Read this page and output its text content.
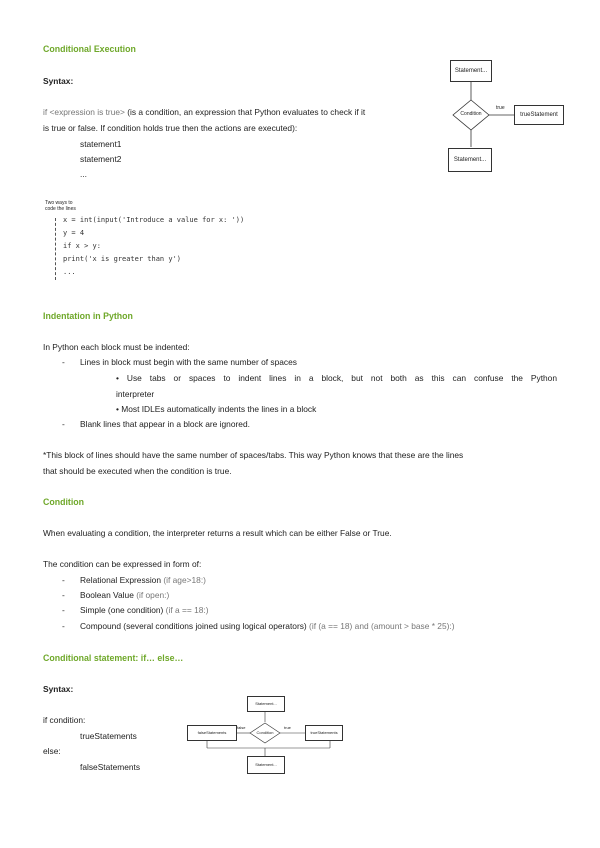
Conditional Execution
Syntax:
if <expression is true> (is a condition, an expression that Python evaluates to check if it
is true or false. If condition holds true then the actions are executed):
statement1
statement2
...
Statement...
Condition
true
trueStatement
Statement...
Two ways to
code the lines
x = int(input('Introduce a value for x: '))
y = 4
if x > y:
print('x is greater than y')
...
Indentation in Python
In Python each block must be indented:
- Lines in block must begin with the same number of spaces
• Use tabs or spaces to indent lines in a block, but not both as this can confuse the Python
interpreter
• Most IDLEs automatically indents the lines in a block
- Blank lines that appear in a block are ignored.
*This block of lines should have the same number of spaces/tabs. This way Python knows that these are the lines
that should be executed when the condition is true.
Condition
When evaluating a condition, the interpreter returns a result which can be either False or True.
The condition can be expressed in form of:
- Relational Expression (if age>18:)
- Boolean Value (if open:)
- Simple (one condition) (if a == 18:)
- Compound (several conditions joined using logical operators) (if (a == 18) and (amount > base * 25):)
Conditional statement: if… else…
Syntax:
if condition:
trueStatements
else:
falseStatements
Statement...
falseStatements
false
Condition
true
trueStatements
Statement...
